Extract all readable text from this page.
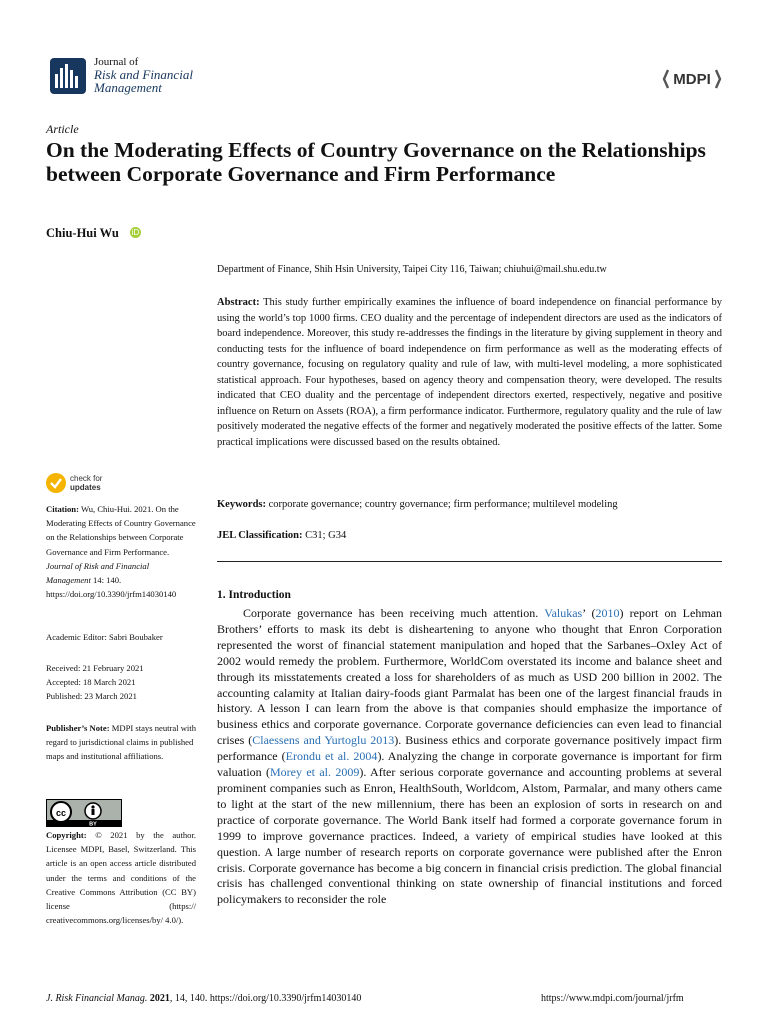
Journal of
Risk and Financial Management	MDPI
Article
On the Moderating Effects of Country Governance on the Relationships between Corporate Governance and Firm Performance
Chiu-Hui Wu iD
Department of Finance, Shih Hsin University, Taipei City 116, Taiwan; chiuhui@mail.shu.edu.tw
Abstract: This study further empirically examines the influence of board independence on financial performance by using the world’s top 1000 firms. CEO duality and the percentage of independent directors are used as the indicators of board independence. Moreover, this study re-addresses the findings in the literature by giving supplement in theory and conducting tests for the influence of board independence on firm performance as well as the moderating effects of country governance, focusing on regulatory quality and rule of law, with multi-level modeling, a more sophisticated statistical approach. Four hypotheses, based on agency theory and compensation theory, were developed. The results indicated that CEO duality and the percentage of independent directors exerted, respectively, negative and positive influence on Return on Assets (ROA), a firm performance indicator. Furthermore, regulatory quality and the rule of law positively moderated the negative effects of the former and negatively moderated the positive effects of the latter. Some practical implications were discussed based on the results obtained.
Keywords: corporate governance; country governance; firm performance; multilevel modeling
JEL Classification: C31; G34
1. Introduction

Corporate governance has been receiving much attention. Valukas’ (2010) report on Lehman Brothers’ efforts to mask its debt is disheartening to anyone who thought that Enron Corporation represented the worst of financial statement manipulation and hoped that the Sarbanes–Oxley Act of 2002 would remedy the problem. Furthermore, WorldCom overstated its income and balance sheet and through its misstatements created a loss for shareholders of as much as USD 200 billion in 2002. The accounting calamity at Italian dairy-foods giant Parmalat has been one of the largest financial frauds in history. A lesson I can learn from the above is that companies should emphasize the importance of business ethics and corporate governance. Corporate governance deficiencies can even lead to financial crises (Claessens and Yurtoglu 2013). Business ethics and corporate governance positively impact firm performance (Erondu et al. 2004). Analyzing the change in corporate governance is important for firm valuation (Morey et al. 2009). After serious corporate governance and accounting problems at several prominent companies such as Enron, HealthSouth, Worldcom, Alstom, Parmalar, and many others came to light at the start of the new millennium, there has been an explosion of sorts in research on and practice of corporate governance. The World Bank itself had formed a corporate governance forum in 1999 to improve governance practices. Indeed, a variety of empirical studies have looked at this question. A large number of research reports on corporate governance were published after the Enron crisis. Corporate governance has become a big concern in financial crisis prediction. The global financial crisis has challenged conventional thinking on state ownership of financial institutions and forced policymakers to reconsider the role

check for
updates
Citation: Wu, Chiu-Hui. 2021. On the Moderating Effects of Country Governance on the Relationships between Corporate Governance and Firm Performance. Journal of Risk and Financial Management 14: 140. https://doi.org/10.3390/jrfm14030140
Academic Editor: Sabri Boubaker
Received: 21 February 2021
Accepted: 18 March 2021
Published: 23 March 2021
Publisher’s Note: MDPI stays neutral with regard to jurisdictional claims in published maps and institutional affiliations.
cc
BY
Copyright: © 2021 by the author. Licensee MDPI, Basel, Switzerland. This article is an open access article distributed under the terms and conditions of the Creative Commons Attribution (CC BY) license (https:// creativecommons.org/licenses/by/ 4.0/).
J. Risk Financial Manag. 2021, 14, 140. https://doi.org/10.3390/jrfm14030140	https://www.mdpi.com/journal/jrfm
